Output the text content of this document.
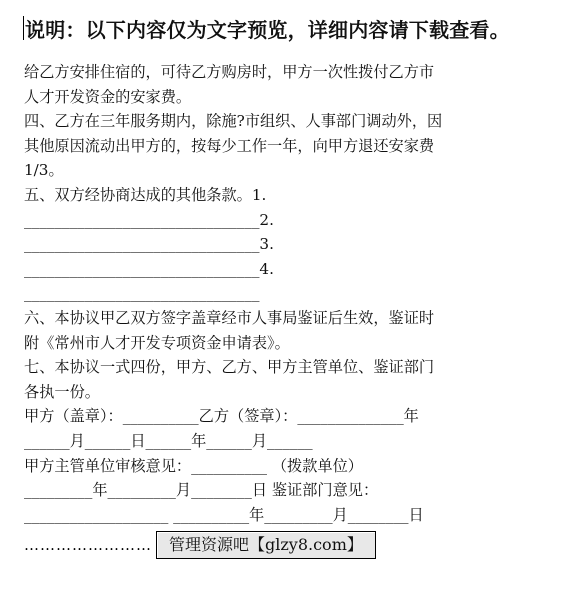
说明：以下内容仅为文字预览，详细内容请下载查看。
给乙方安排住宿的，可待乙方购房时，甲方一次性拨付乙方市
人才开发资金的安家费。
四、乙方在三年服务期内，除施?市组织、人事部门调动外，因
其他原因流动出甲方的，按每少工作一年，向甲方退还安家费
1/3。
五、双方经协商达成的其他条款。1.
_______________________________2.
_______________________________3.
_______________________________4.
_______________________________
六、本协议甲乙双方签字盖章经市人事局鉴证后生效，鉴证时
附《常州市人才开发专项资金申请表》。
七、本协议一式四份，甲方、乙方、甲方主管单位、鉴证部门
各执一份。
甲方（盖章）：__________乙方（签章）：______________年
______月______日______年______月______
甲方主管单位审核意见：__________ （拨款单位）
_________年_________月________日 鉴证部门意见：
___________________ __________年_________月________日
……………………	管理资源吧【glzy8.com】
